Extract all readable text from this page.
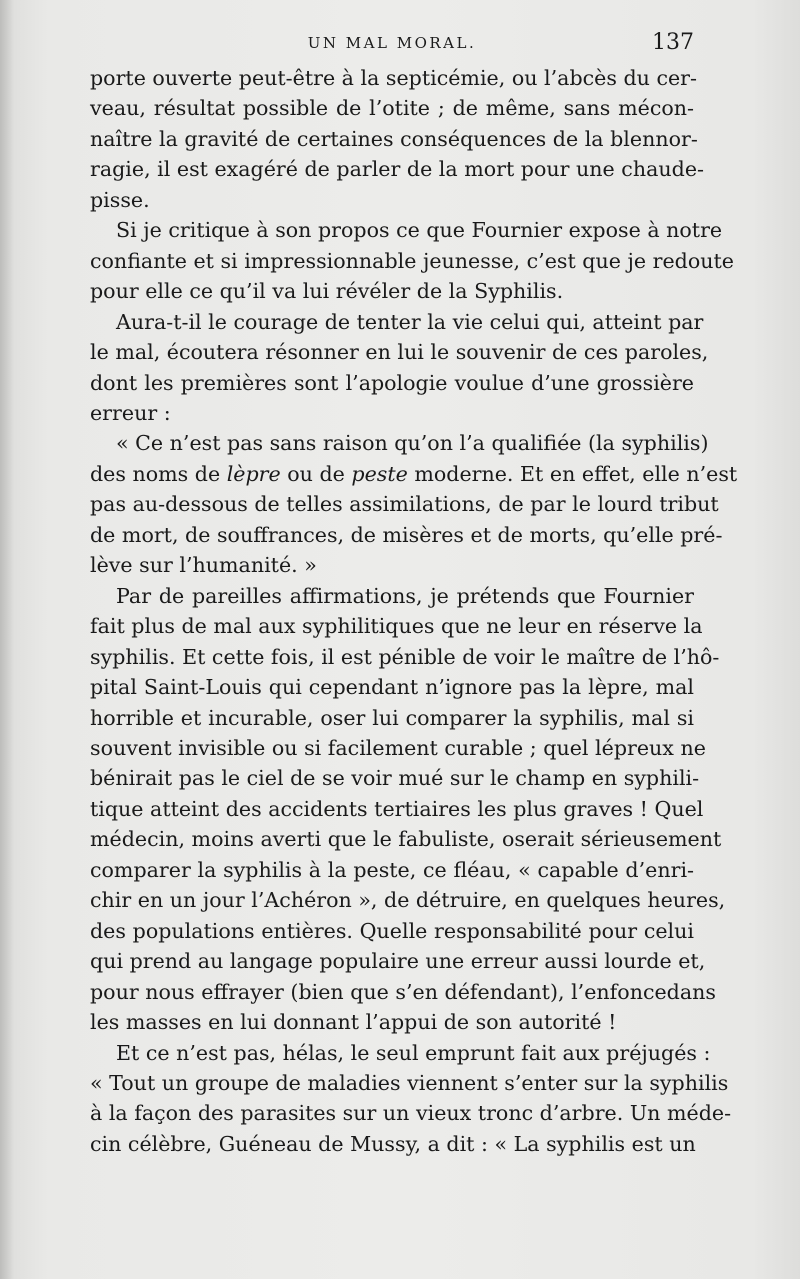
UN MAL MORAL.	137
porte ouverte peut-être à la septicémie, ou l’abcès du cer-
veau, résultat possible de l’otite ; de même, sans mécon-
naître la gravité de certaines conséquences de la blennor-
ragie, il est exagéré de parler de la mort pour une chaude-
pisse.
Si je critique à son propos ce que Fournier expose à notre
confiante et si impressionnable jeunesse, c’est que je redoute
pour elle ce qu’il va lui révéler de la Syphilis.
Aura-t-il le courage de tenter la vie celui qui, atteint par
le mal, écoutera résonner en lui le souvenir de ces paroles,
dont les premières sont l’apologie voulue d’une grossière
erreur :
« Ce n’est pas sans raison qu’on l’a qualifiée (la syphilis)
des noms de lèpre ou de peste moderne. Et en effet, elle n’est
pas au-dessous de telles assimilations, de par le lourd tribut
de mort, de souffrances, de misères et de morts, qu’elle pré-
lève sur l’humanité. »
Par de pareilles affirmations, je prétends que Fournier
fait plus de mal aux syphilitiques que ne leur en réserve la
syphilis. Et cette fois, il est pénible de voir le maître de l’hô-
pital Saint-Louis qui cependant n’ignore pas la lèpre, mal
horrible et incurable, oser lui comparer la syphilis, mal si
souvent invisible ou si facilement curable ; quel lépreux ne
bénirait pas le ciel de se voir mué sur le champ en syphili-
tique atteint des accidents tertiaires les plus graves ! Quel
médecin, moins averti que le fabuliste, oserait sérieusement
comparer la syphilis à la peste, ce fléau, « capable d’enri-
chir en un jour l’Achéron », de détruire, en quelques heures,
des populations entières. Quelle responsabilité pour celui
qui prend au langage populaire une erreur aussi lourde et,
pour nous effrayer (bien que s’en défendant), l’enfoncedans
les masses en lui donnant l’appui de son autorité !
Et ce n’est pas, hélas, le seul emprunt fait aux préjugés :
« Tout un groupe de maladies viennent s’enter sur la syphilis
à la façon des parasites sur un vieux tronc d’arbre. Un méde-
cin célèbre, Guéneau de Mussy, a dit : « La syphilis est un
